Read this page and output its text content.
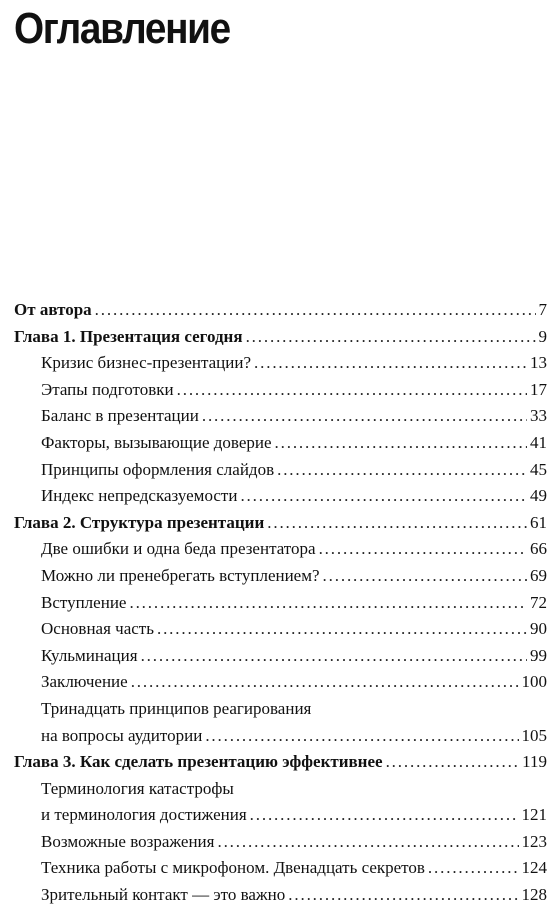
Оглавление
От автора . . .	7
Глава 1. Презентация сегодня . . .	9
Кризис бизнес-презентации? . . .	13
Этапы подготовки . . .	17
Баланс в презентации . . .	33
Факторы, вызывающие доверие . . .	41
Принципы оформления слайдов . . .	45
Индекс непредсказуемости . . .	49
Глава 2. Структура презентации . . .	61
Две ошибки и одна беда презентатора . . .	66
Можно ли пренебрегать вступлением? . . .	69
Вступление . . .	72
Основная часть . . .	90
Кульминация . . .	99
Заключение . . .	100
Тринадцать принципов реагирования
на вопросы аудитории . . .	105
Глава 3. Как сделать презентацию эффективнее . . .	119
Терминология катастрофы
и терминология достижения . . .	121
Возможные возражения . . .	123
Техника работы с микрофоном. Двенадцать секретов . . .	124
Зрительный контакт — это важно . . .	128
